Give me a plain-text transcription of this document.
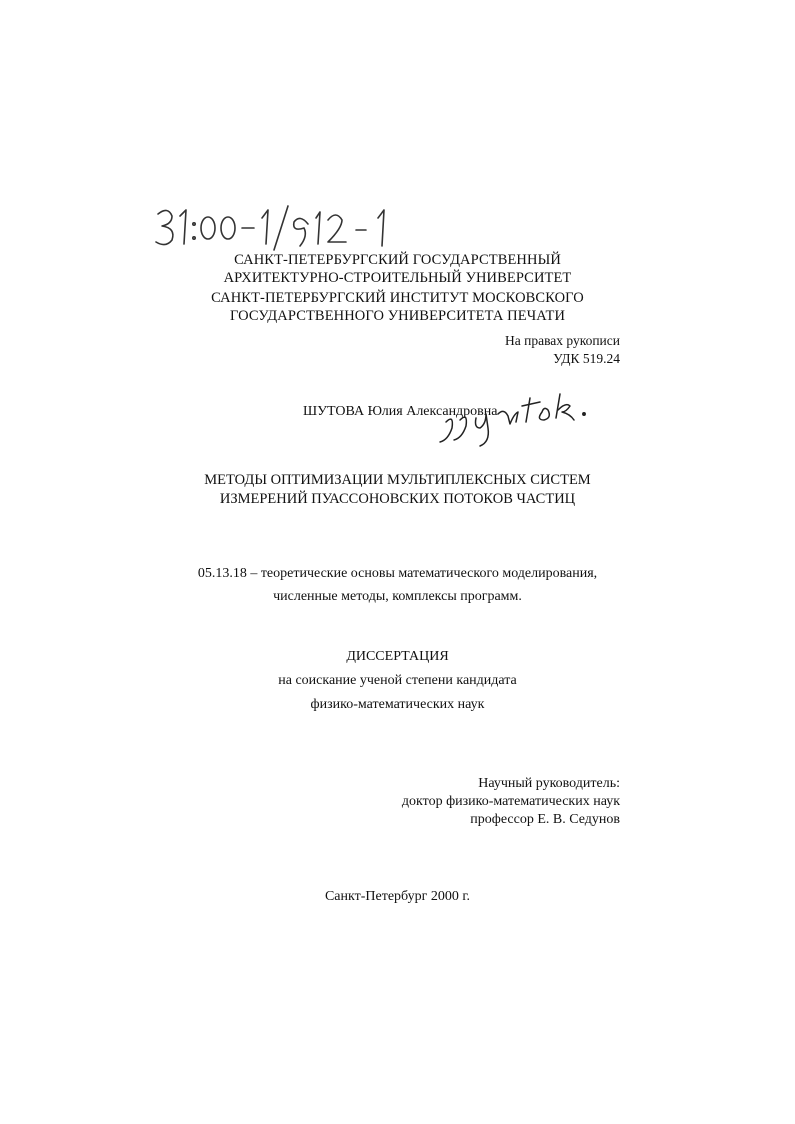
САНКТ-ПЕТЕРБУРГСКИЙ ГОСУДАРСТВЕННЫЙ
АРХИТЕКТУРНО-СТРОИТЕЛЬНЫЙ УНИВЕРСИТЕТ
САНКТ-ПЕТЕРБУРГСКИЙ ИНСТИТУТ МОСКОВСКОГО
ГОСУДАРСТВЕННОГО УНИВЕРСИТЕТА ПЕЧАТИ
На правах рукописи
УДК 519.24
ШУТОВА Юлия Александровна
МЕТОДЫ ОПТИМИЗАЦИИ МУЛЬТИПЛЕКСНЫХ СИСТЕМ
ИЗМЕРЕНИЙ ПУАССОНОВСКИХ ПОТОКОВ ЧАСТИЦ
05.13.18 – теоретические основы математического моделирования,
численные методы, комплексы программ.
ДИССЕРТАЦИЯ
на соискание ученой степени кандидата
физико-математических наук
Научный руководитель:
доктор физико-математических наук
профессор Е. В. Седунов
Санкт-Петербург 2000 г.
